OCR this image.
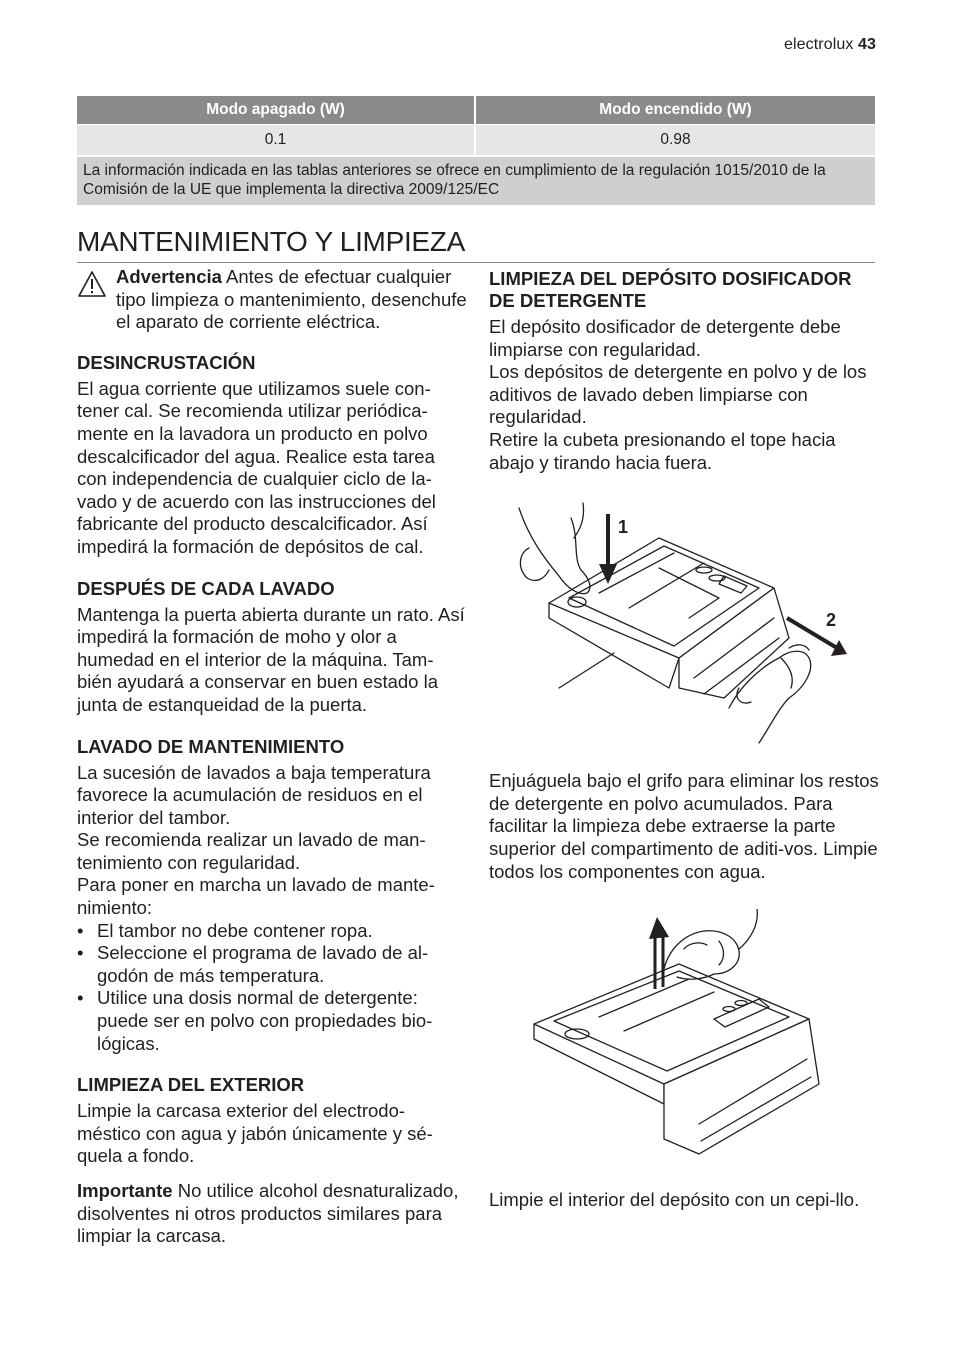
electrolux 43
Modo apagado (W)	Modo encendido (W)
0.1	0.98
La información indicada en las tablas anteriores se ofrece en cumplimiento de la regulación 1015/2010 de la Comisión de la UE que implementa la directiva 2009/125/EC	
MANTENIMIENTO Y LIMPIEZA

Advertencia Antes de efectuar cualquier tipo limpieza o mantenimiento, desenchufe el aparato de corriente eléctrica.

DESINCRUSTACIÓN

El agua corriente que utilizamos suele con-tener cal. Se recomienda utilizar periódica-mente en la lavadora un producto en polvo descalcificador del agua. Realice esta tarea con independencia de cualquier ciclo de la-vado y de acuerdo con las instrucciones del fabricante del producto descalcificador. Así impedirá la formación de depósitos de cal.

DESPUÉS DE CADA LAVADO

Mantenga la puerta abierta durante un rato. Así impedirá la formación de moho y olor a humedad en el interior de la máquina. Tam-bién ayudará a conservar en buen estado la junta de estanqueidad de la puerta.

LAVADO DE MANTENIMIENTO

La sucesión de lavados a baja temperatura favorece la acumulación de residuos en el interior del tambor.

Se recomienda realizar un lavado de man-tenimiento con regularidad.

Para poner en marcha un lavado de mante-nimiento:

• El tambor no debe contener ropa.
• Seleccione el programa de lavado de al-godón de más temperatura.
• Utilice una dosis normal de detergente: puede ser en polvo con propiedades bio-lógicas.
LIMPIEZA DEL EXTERIOR

Limpie la carcasa exterior del electrodo-méstico con agua y jabón únicamente y sé-quela a fondo.

Importante No utilice alcohol desnaturalizado, disolventes ni otros productos similares para limpiar la carcasa.

LIMPIEZA DEL DEPÓSITO DOSIFICADOR DE DETERGENTE

El depósito dosificador de detergente debe limpiarse con regularidad.

Los depósitos de detergente en polvo y de los aditivos de lavado deben limpiarse con regularidad.

Retire la cubeta presionando el tope hacia abajo y tirando hacia fuera.

1
2

Enjuáguela bajo el grifo para eliminar los restos de detergente en polvo acumulados. Para facilitar la limpieza debe extraerse la parte superior del compartimento de aditi-vos. Limpie todos los componentes con agua.

Limpie el interior del depósito con un cepi-llo.
